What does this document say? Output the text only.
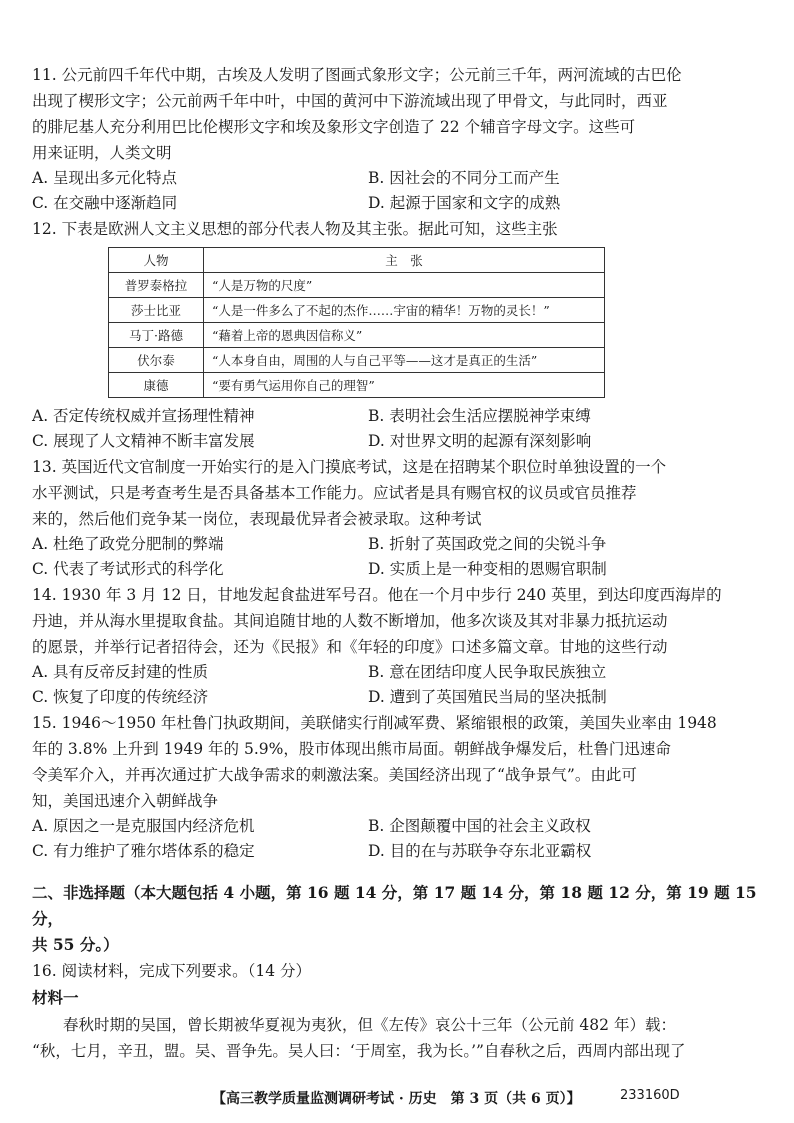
11. 公元前四千年代中期，古埃及人发明了图画式象形文字；公元前三千年，两河流域的古巴伦

出现了楔形文字；公元前两千年中叶，中国的黄河中下游流域出现了甲骨文，与此同时，西亚

的腓尼基人充分利用巴比伦楔形文字和埃及象形文字创造了 22 个辅音字母文字。这些可

用来证明，人类文明

A. 呈现出多元化特点	B. 因社会的不同分工而产生
C. 在交融中逐渐趋同	D. 起源于国家和文字的成熟

12. 下表是欧洲人文主义思想的部分代表人物及其主张。据此可知，这些主张

人物	主　张
普罗泰格拉	“人是万物的尺度”
莎士比亚	“人是一件多么了不起的杰作……宇宙的精华！万物的灵长！”
马丁·路德	“藉着上帝的恩典因信称义”
伏尔泰	“人本身自由，周围的人与自己平等——这才是真正的生活”
康德	“要有勇气运用你自己的理智”
A. 否定传统权威并宣扬理性精神	B. 表明社会生活应摆脱神学束缚
C. 展现了人文精神不断丰富发展	D. 对世界文明的起源有深刻影响

13. 英国近代文官制度一开始实行的是入门摸底考试，这是在招聘某个职位时单独设置的一个

水平测试，只是考查考生是否具备基本工作能力。应试者是具有赐官权的议员或官员推荐

来的，然后他们竞争某一岗位，表现最优异者会被录取。这种考试

A. 杜绝了政党分肥制的弊端	B. 折射了英国政党之间的尖锐斗争
C. 代表了考试形式的科学化	D. 实质上是一种变相的恩赐官职制

14. 1930 年 3 月 12 日，甘地发起食盐进军号召。他在一个月中步行 240 英里，到达印度西海岸的

丹迪，并从海水里提取食盐。其间追随甘地的人数不断增加，他多次谈及其对非暴力抵抗运动

的愿景，并举行记者招待会，还为《民报》和《年轻的印度》口述多篇文章。甘地的这些行动

A. 具有反帝反封建的性质	B. 意在团结印度人民争取民族独立
C. 恢复了印度的传统经济	D. 遭到了英国殖民当局的坚决抵制

15. 1946～1950 年杜鲁门执政期间，美联储实行削减军费、紧缩银根的政策，美国失业率由 1948

年的 3.8% 上升到 1949 年的 5.9%，股市体现出熊市局面。朝鲜战争爆发后，杜鲁门迅速命

令美军介入，并再次通过扩大战争需求的刺激法案。美国经济出现了“战争景气”。由此可

知，美国迅速介入朝鲜战争

A. 原因之一是克服国内经济危机	B. 企图颠覆中国的社会主义政权
C. 有力维护了雅尔塔体系的稳定	D. 目的在与苏联争夺东北亚霸权
二、非选择题（本大题包括 4 小题，第 16 题 14 分，第 17 题 14 分，第 18 题 12 分，第 19 题 15 分，
共 55 分。）

16. 阅读材料，完成下列要求。（14 分）

材料一

春秋时期的吴国，曾长期被华夏视为夷狄，但《左传》哀公十三年（公元前 482 年）载：

“秋，七月，辛丑，盟。吴、晋争先。吴人曰：‘于周室，我为长。’”自春秋之后，西周内部出现了

【高三教学质量监测调研考试 · 历史　第 3 页（共 6 页）】	233160D
